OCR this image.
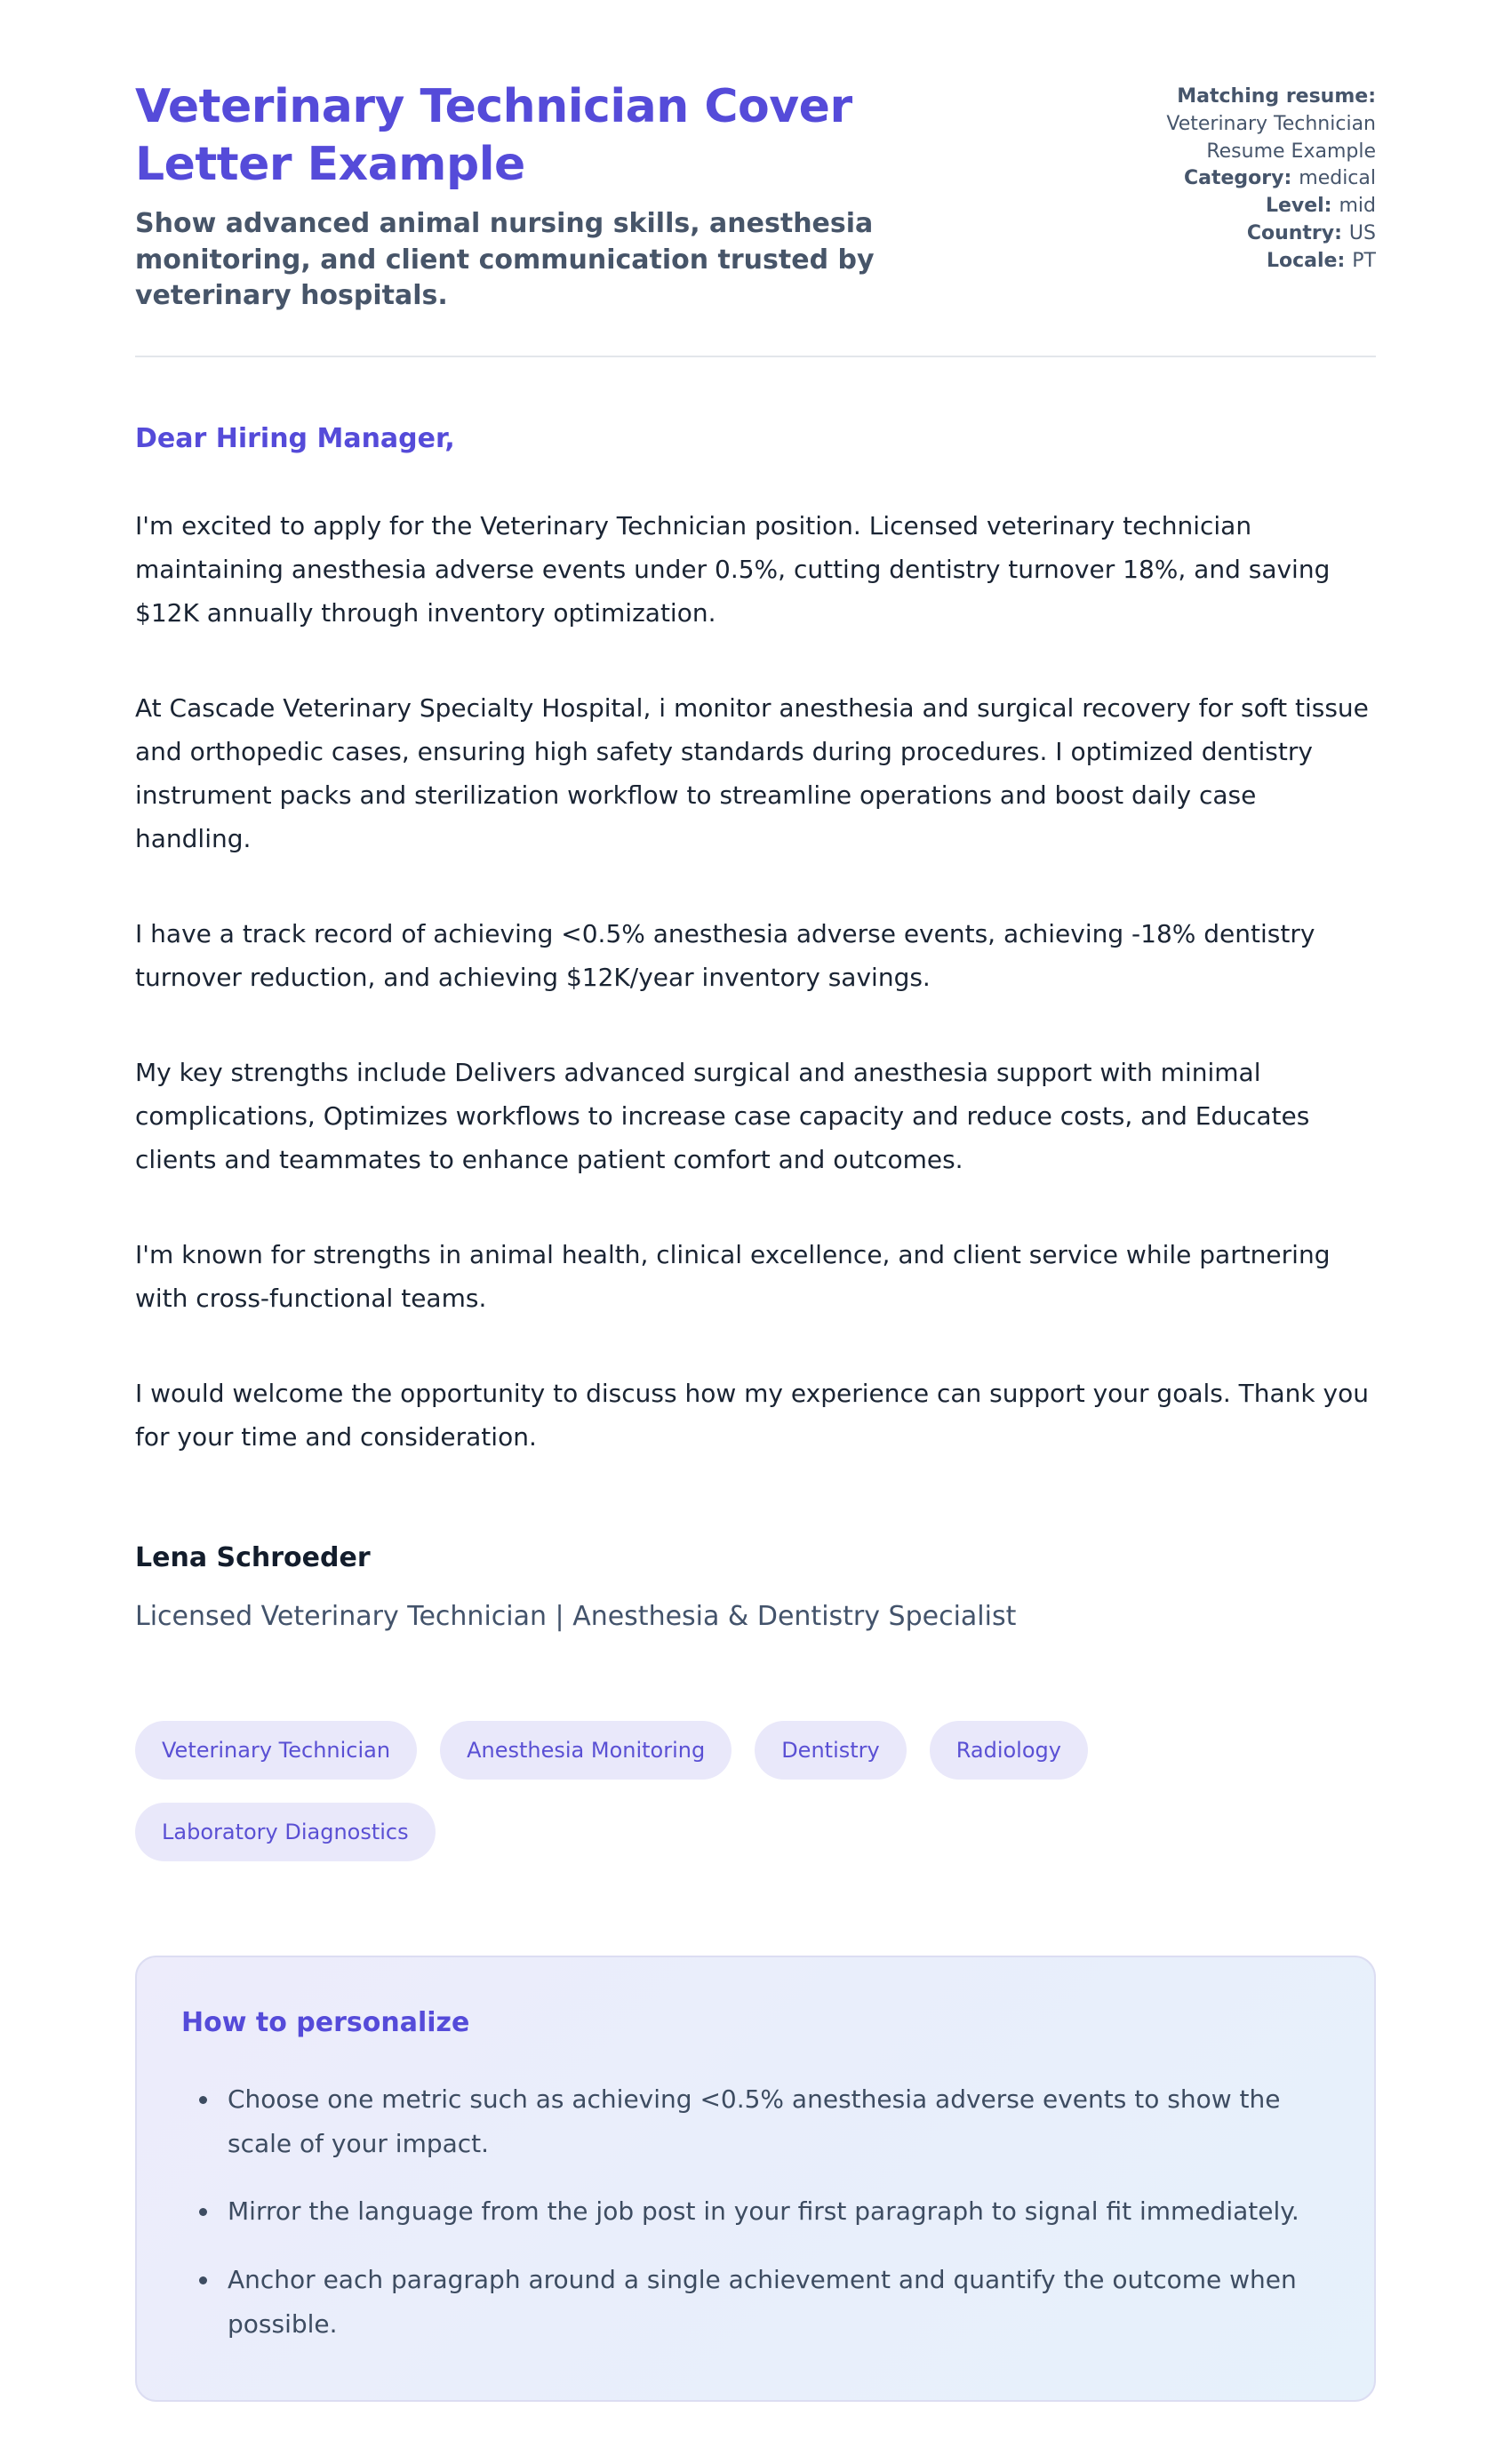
Veterinary Technician Cover Letter Example

Show advanced animal nursing skills, anesthesia monitoring, and client communication trusted by veterinary hospitals.

Matching resume:
Veterinary Technician Resume Example
Category: medical
Level: mid
Country: US
Locale: PT

Dear Hiring Manager,

I'm excited to apply for the Veterinary Technician position. Licensed veterinary technician maintaining anesthesia adverse events under 0.5%, cutting dentistry turnover 18%, and saving $12K annually through inventory optimization.

At Cascade Veterinary Specialty Hospital, i monitor anesthesia and surgical recovery for soft tissue and orthopedic cases, ensuring high safety standards during procedures. I optimized dentistry instrument packs and sterilization workflow to streamline operations and boost daily case handling.

I have a track record of achieving <0.5% anesthesia adverse events, achieving -18% dentistry turnover reduction, and achieving $12K/year inventory savings.

My key strengths include Delivers advanced surgical and anesthesia support with minimal complications, Optimizes workflows to increase case capacity and reduce costs, and Educates clients and teammates to enhance patient comfort and outcomes.

I'm known for strengths in animal health, clinical excellence, and client service while partnering with cross-functional teams.

I would welcome the opportunity to discuss how my experience can support your goals. Thank you for your time and consideration.

Lena Schroeder

Licensed Veterinary Technician | Anesthesia & Dentistry Specialist

Veterinary Technician	Anesthesia Monitoring	Dentistry	Radiology
Laboratory Diagnostics
How to personalize
• Choose one metric such as achieving <0.5% anesthesia adverse events to show the scale of your impact.
• Mirror the language from the job post in your first paragraph to signal fit immediately.
• Anchor each paragraph around a single achievement and quantify the outcome when possible.
